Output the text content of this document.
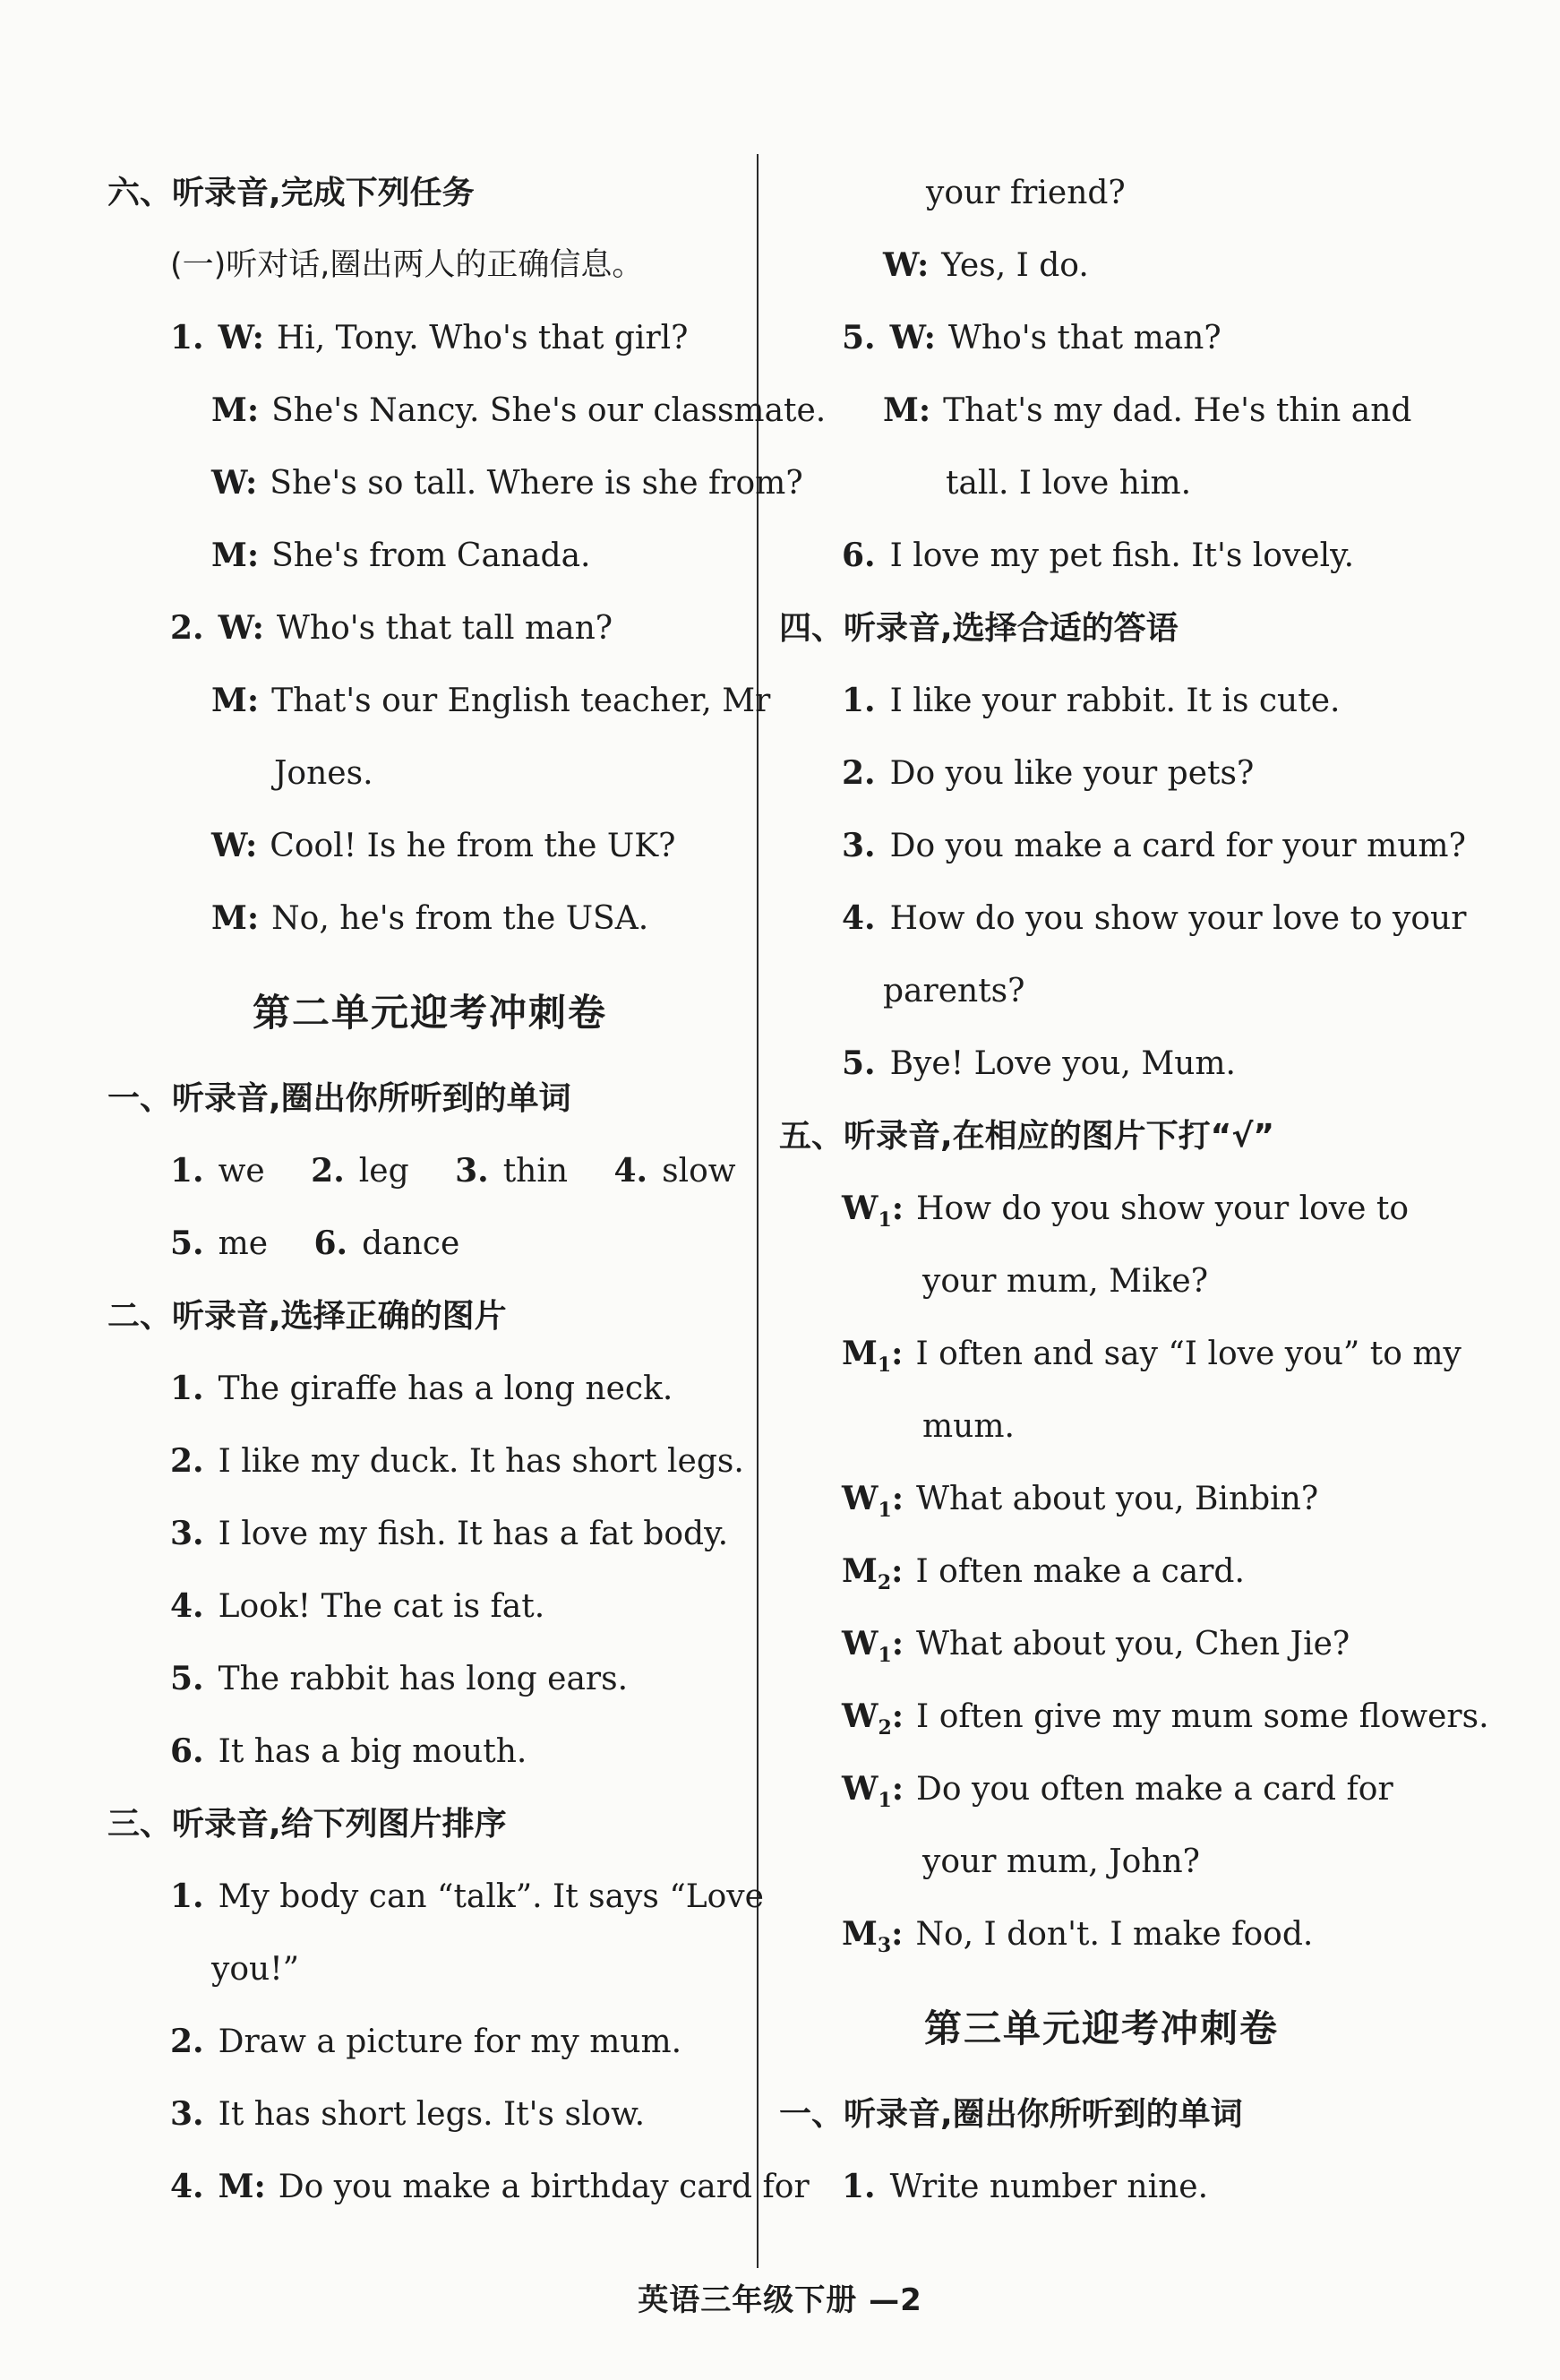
六、听录音,完成下列任务
(一)听对话,圈出两人的正确信息。
1. W: Hi, Tony. Who's that girl?
M: She's Nancy. She's our classmate.
W: She's so tall. Where is she from?
M: She's from Canada.
2. W: Who's that tall man?
M: That's our English teacher, Mr
Jones.
W: Cool! Is he from the UK?
M: No, he's from the USA.
第二单元迎考冲刺卷
一、听录音,圈出你所听到的单词
1. we 2. leg 3. thin 4. slow
5. me 6. dance
二、听录音,选择正确的图片
1. The giraffe has a long neck.
2. I like my duck. It has short legs.
3. I love my fish. It has a fat body.
4. Look! The cat is fat.
5. The rabbit has long ears.
6. It has a big mouth.
三、听录音,给下列图片排序
1. My body can “talk”. It says “Love
you!”
2. Draw a picture for my mum.
3. It has short legs. It's slow.
4. M: Do you make a birthday card for
your friend?
W: Yes, I do.
5. W: Who's that man?
M: That's my dad. He's thin and
tall. I love him.
6. I love my pet fish. It's lovely.
四、听录音,选择合适的答语
1. I like your rabbit. It is cute.
2. Do you like your pets?
3. Do you make a card for your mum?
4. How do you show your love to your
parents?
5. Bye! Love you, Mum.
五、听录音,在相应的图片下打“√”
$W_1$: How do you show your love to
your mum, Mike?
$M_1$: I often and say “I love you” to my
mum.
$W_1$: What about you, Binbin?
$M_2$: I often make a card.
$W_1$: What about you, Chen Jie?
$W_2$: I often give my mum some flowers.
$W_1$: Do you often make a card for
your mum, John?
$M_3$: No, I don't. I make food.
第三单元迎考冲刺卷
一、听录音,圈出你所听到的单词
1. Write number nine.
英语三年级下册 —2
